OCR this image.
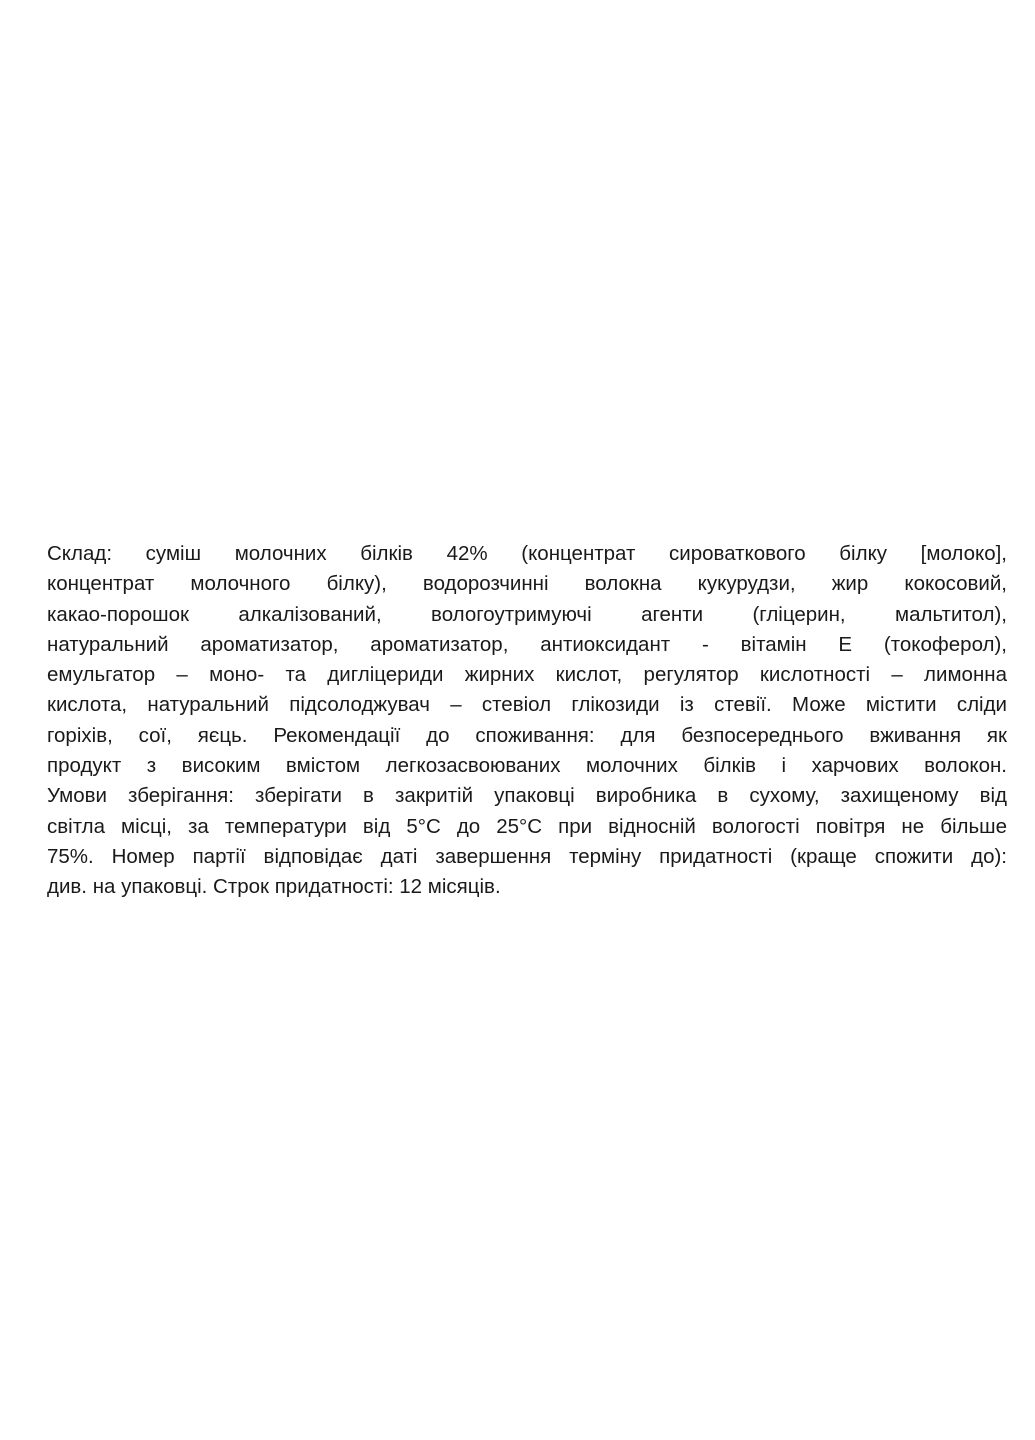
Склад: суміш молочних білків 42% (концентрат сироваткового білку [молоко],
концентрат молочного білку), водорозчинні волокна кукурудзи, жир кокосовий,
какао-порошок алкалізований, вологоутримуючі агенти (гліцерин, мальтитол),
натуральний ароматизатор, ароматизатор, антиоксидант - вітамін Е (токоферол),
емульгатор – моно- та дигліцериди жирних кислот, регулятор кислотності – лимонна
кислота, натуральний підсолоджувач – стевіол глікозиди із стевії. Може містити сліди
горіхів, сої, яєць. Рекомендації до споживання: для безпосереднього вживання як
продукт з високим вмістом легкозасвоюваних молочних білків і харчових волокон.
Умови зберігання: зберігати в закритій упаковці виробника в сухому, захищеному від
світла місці, за температури від 5°С до 25°С при відносній вологості повітря не більше
75%. Номер партії відповідає даті завершення терміну придатності (краще спожити до):
див. на упаковці. Строк придатності: 12 місяців.
